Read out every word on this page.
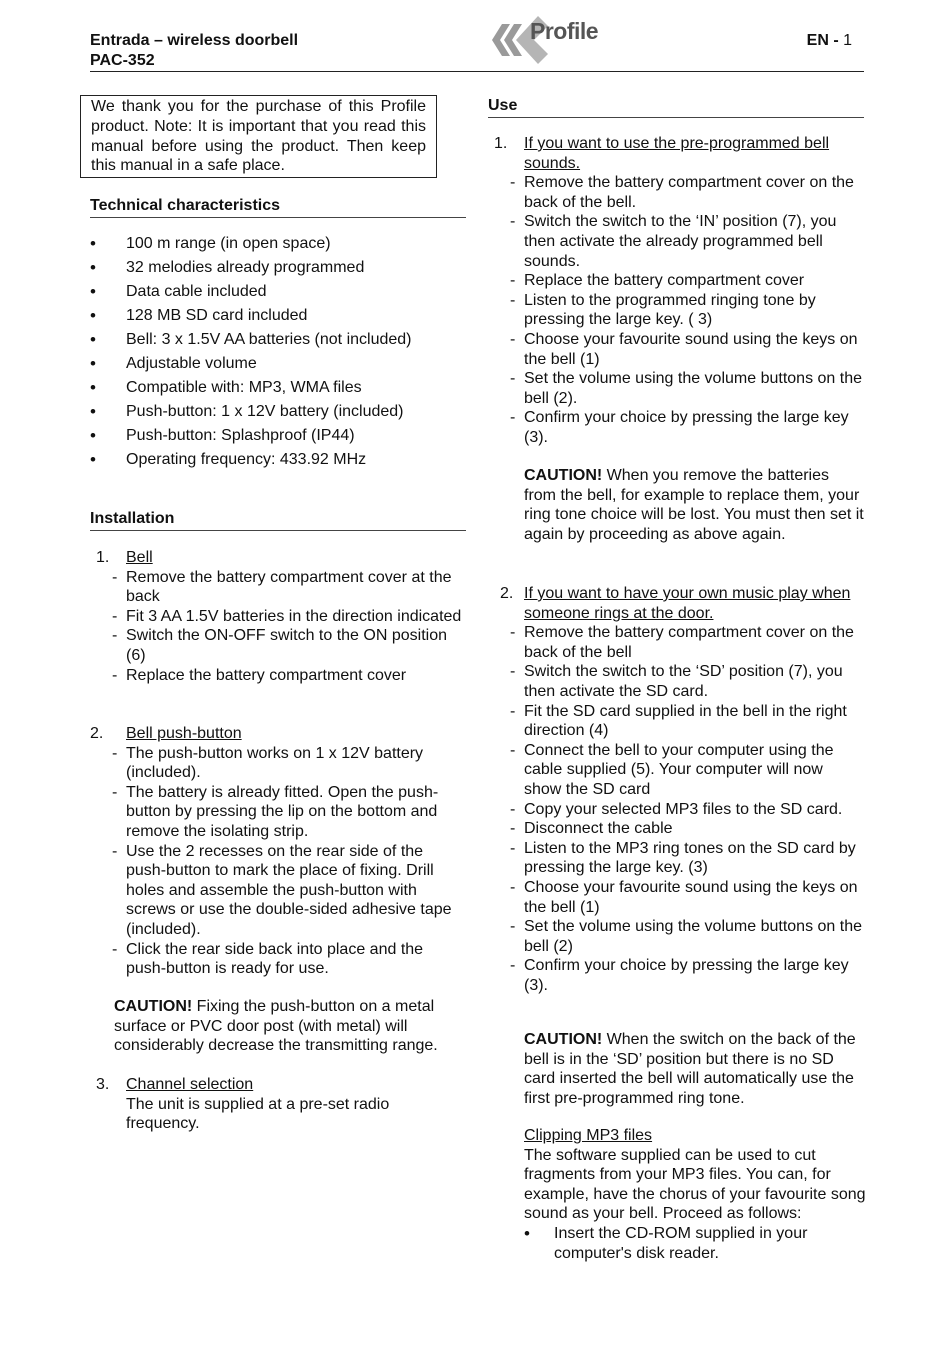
Entrada – wireless doorbell
PAC-352
Profile	EN - 1
We thank you for the purchase of this Profile product. Note: It is important that you read this manual before using the product. Then keep this manual in a safe place.
Technical characteristics
• 100 m range (in open space)
• 32 melodies already programmed
• Data cable included
• 128 MB SD card included
• Bell: 3 x 1.5V AA batteries (not included)
• Adjustable volume
• Compatible with: MP3, WMA files
• Push-button: 1 x 12V battery (included)
• Push-button: Splashproof (IP44)
• Operating frequency: 433.92 MHz
Installation
1. Bell
- Remove the battery compartment cover at the back
- Fit 3 AA 1.5V batteries in the direction indicated
- Switch the ON-OFF switch to the ON position (6)
- Replace the battery compartment cover
2. Bell push-button
- The push-button works on 1 x 12V battery (included).
- The battery is already fitted. Open the push-button by pressing the lip on the bottom and remove the isolating strip.
- Use the 2 recesses on the rear side of the push-button to mark the place of fixing. Drill holes and assemble the push-button with screws or use the double-sided adhesive tape (included).
- Click the rear side back into place and the push-button is ready for use.
CAUTION! Fixing the push-button on a metal surface or PVC door post (with metal) will considerably decrease the transmitting range.
3. Channel selection
The unit is supplied at a pre-set radio frequency.
Use
1. If you want to use the pre-programmed bell sounds.
- Remove the battery compartment cover on the back of the bell.
- Switch the switch to the ‘IN’ position (7), you then activate the already programmed bell sounds.
- Replace the battery compartment cover
- Listen to the programmed ringing tone by pressing the large key. ( 3)
- Choose your favourite sound using the keys on the bell (1)
- Set the volume using the volume buttons on the bell (2).
- Confirm your choice by pressing the large key (3).
CAUTION! When you remove the batteries from the bell, for example to replace them, your ring tone choice will be lost. You must then set it again by proceeding as above again.
2. If you want to have your own music play when someone rings at the door.
- Remove the battery compartment cover on the back of the bell
- Switch the switch to the ‘SD’ position (7), you then activate the SD card.
- Fit the SD card supplied in the bell in the right direction (4)
- Connect the bell to your computer using the cable supplied (5). Your computer will now show the SD card
- Copy your selected MP3 files to the SD card.
- Disconnect the cable
- Listen to the MP3 ring tones on the SD card by pressing the large key. (3)
- Choose your favourite sound using the keys on the bell (1)
- Set the volume using the volume buttons on the bell (2)
- Confirm your choice by pressing the large key (3).
CAUTION! When the switch on the back of the bell is in the ‘SD’ position but there is no SD card inserted the bell will automatically use the first pre-programmed ring tone.
Clipping MP3 files
The software supplied can be used to cut fragments from your MP3 files. You can, for example, have the chorus of your favourite song sound as your bell. Proceed as follows:
• Insert the CD-ROM supplied in your computer's disk reader.
